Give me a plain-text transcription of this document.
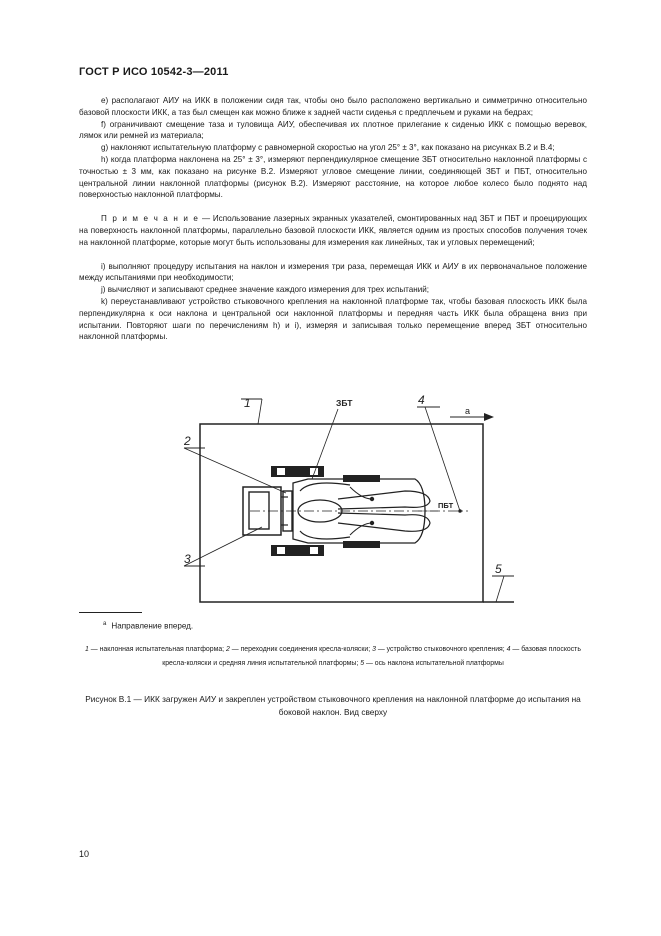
ГОСТ Р ИСО 10542-3—2011

е) располагают АИУ на ИКК в положении сидя так, чтобы оно было расположено вертикально и симметрично относительно базовой плоскости ИКК, а таз был смещен как можно ближе к задней части сиденья с предплечьем и руками на бедрах;

f) ограничивают смещение таза и туловища АИУ, обеспечивая их плотное прилегание к сиденью ИКК с помощью веревок, лямок или ремней из материала;

g) наклоняют испытательную платформу с равномерной скоростью на угол 25° ± 3°, как показано на рисунках В.2 и В.4;

h) когда платформа наклонена на 25° ± 3°, измеряют перпендикулярное смещение ЗБТ относительно наклонной платформы с точностью ± 3 мм, как показано на рисунке В.2. Измеряют угловое смещение линии, соединяющей ЗБТ и ПБТ, относительно центральной линии наклонной платформы (рисунок В.2). Измеряют расстояние, на которое любое колесо было поднято над поверхностью наклонной платформы.

П р и м е ч а н и е — Использование лазерных экранных указателей, смонтированных над ЗБТ и ПБТ и проецирующих на поверхность наклонной платформы, параллельно базовой плоскости ИКК, является одним из простых способов получения точек на наклонной платформе, которые могут быть использованы для измерения как линейных, так и угловых перемещений;

i) выполняют процедуру испытания на наклон и измерения три раза, перемещая ИКК и АИУ в их первоначальное положение между испытаниями при необходимости;

j) вычисляют и записывают среднее значение каждого измерения для трех испытаний;

k) переустанавливают устройство стыковочного крепления на наклонной платформе так, чтобы базовая плоскость ИКК была перпендикулярна к оси наклона и центральной оси наклонной платформы и передняя часть ИКК была обращена вниз при испытании. Повторяют шаги по перечислениям h) и i), измеряя и записывая только перемещение вперед ЗБТ относительно наклонной платформы.

1
2
3
4
5
ЗБТ
ПБТ
а
$^а$ Направление вперед.
1 — наклонная испытательная платформа; 2 — переходник соединения кресла-коляски; 3 — устройство стыковочного крепления; 4 — базовая плоскость кресла-коляски и средняя линия испытательной платформы; 5 — ось наклона испытательной платформы
Рисунок В.1 — ИКК загружен АИУ и закреплен устройством стыковочного крепления на наклонной платформе до испытания на боковой наклон. Вид сверху
10
